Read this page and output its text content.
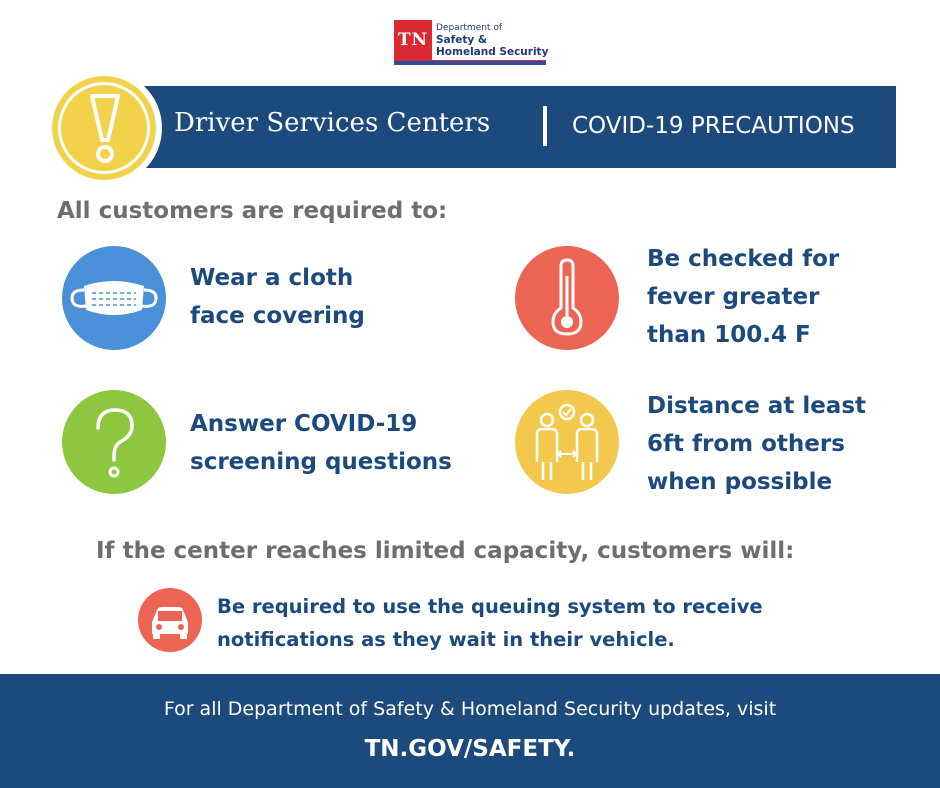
TN
Department of
Safety &
Homeland Security
Driver Services Centers	COVID-19 PRECAUTIONS
All customers are required to:
Wear a cloth
face covering
Be checked for
fever greater
than 100.4 F
Answer COVID-19
screening questions
Distance at least
6ft from others
when possible
If the center reaches limited capacity, customers will:
Be required to use the queuing system to receive
notifications as they wait in their vehicle.
For all Department of Safety & Homeland Security updates, visit
TN.GOV/SAFETY.
